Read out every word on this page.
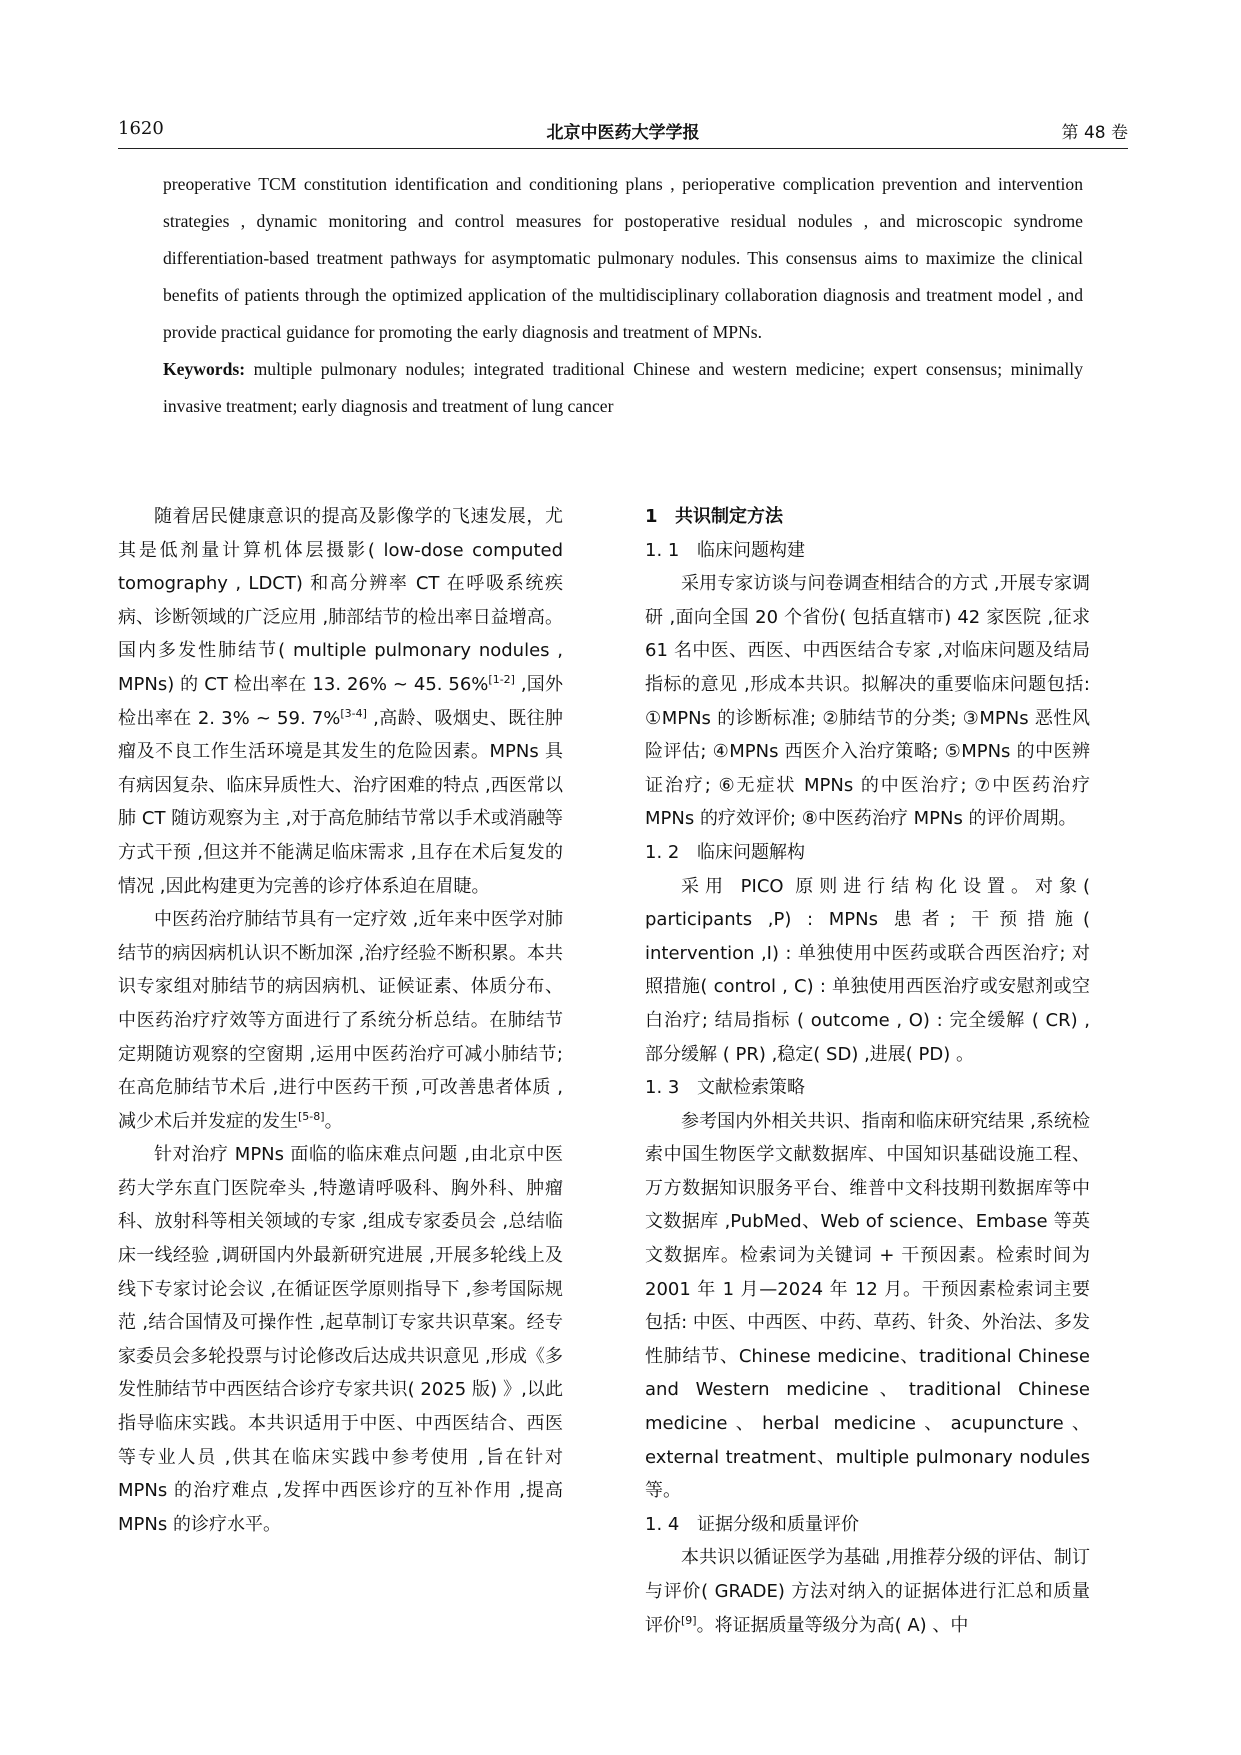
1620	北京中医药大学学报	第 48 卷

preoperative TCM constitution identification and conditioning plans , perioperative complication prevention and intervention strategies , dynamic monitoring and control measures for postoperative residual nodules , and microscopic syndrome differentiation-based treatment pathways for asymptomatic pulmonary nodules. This consensus aims to maximize the clinical benefits of patients through the optimized application of the multidisciplinary collaboration diagnosis and treatment model , and provide practical guidance for promoting the early diagnosis and treatment of MPNs.

Keywords: multiple pulmonary nodules; integrated traditional Chinese and western medicine; expert consensus; minimally invasive treatment; early diagnosis and treatment of lung cancer

随着居民健康意识的提高及影像学的飞速发展，尤其是低剂量计算机体层摄影( low-dose computed tomography , LDCT) 和高分辨率 CT 在呼吸系统疾病、诊断领域的广泛应用 ,肺部结节的检出率日益增高。国内多发性肺结节( multiple pulmonary nodules , MPNs) 的 CT 检出率在 13. 26% ~ 45. 56%[1-2] ,国外检出率在 2. 3% ~ 59. 7%[3-4] ,高龄、吸烟史、既往肿瘤及不良工作生活环境是其发生的危险因素。MPNs 具有病因复杂、临床异质性大、治疗困难的特点 ,西医常以肺 CT 随访观察为主 ,对于高危肺结节常以手术或消融等方式干预 ,但这并不能满足临床需求 ,且存在术后复发的情况 ,因此构建更为完善的诊疗体系迫在眉睫。

中医药治疗肺结节具有一定疗效 ,近年来中医学对肺结节的病因病机认识不断加深 ,治疗经验不断积累。本共识专家组对肺结节的病因病机、证候证素、体质分布、中医药治疗疗效等方面进行了系统分析总结。在肺结节定期随访观察的空窗期 ,运用中医药治疗可减小肺结节; 在高危肺结节术后 ,进行中医药干预 ,可改善患者体质 ,减少术后并发症的发生[5-8]。

针对治疗 MPNs 面临的临床难点问题 ,由北京中医药大学东直门医院牵头 ,特邀请呼吸科、胸外科、肿瘤科、放射科等相关领域的专家 ,组成专家委员会 ,总结临床一线经验 ,调研国内外最新研究进展 ,开展多轮线上及线下专家讨论会议 ,在循证医学原则指导下 ,参考国际规范 ,结合国情及可操作性 ,起草制订专家共识草案。经专家委员会多轮投票与讨论修改后达成共识意见 ,形成《多发性肺结节中西医结合诊疗专家共识( 2025 版) 》,以此指导临床实践。本共识适用于中医、中西医结合、西医等专业人员 ,供其在临床实践中参考使用 ,旨在针对 MPNs 的治疗难点 ,发挥中西医诊疗的互补作用 ,提高 MPNs 的诊疗水平。

1 共识制定方法
1. 1 临床问题构建

采用专家访谈与问卷调查相结合的方式 ,开展专家调研 ,面向全国 20 个省份( 包括直辖市) 42 家医院 ,征求 61 名中医、西医、中西医结合专家 ,对临床问题及结局指标的意见 ,形成本共识。拟解决的重要临床问题包括: ①MPNs 的诊断标准; ②肺结节的分类; ③MPNs 恶性风险评估; ④MPNs 西医介入治疗策略; ⑤MPNs 的中医辨证治疗; ⑥无症状 MPNs 的中医治疗; ⑦中医药治疗 MPNs 的疗效评价; ⑧中医药治疗 MPNs 的评价周期。

1. 2 临床问题解构

采用 PICO 原则进行结构化设置。对象( participants ,P) : MPNs 患者; 干预措施( intervention ,I) : 单独使用中医药或联合西医治疗; 对照措施( control , C) : 单独使用西医治疗或安慰剂或空白治疗; 结局指标 ( outcome , O) : 完全缓解 ( CR) , 部分缓解 ( PR) ,稳定( SD) ,进展( PD) 。

1. 3 文献检索策略

参考国内外相关共识、指南和临床研究结果 ,系统检索中国生物医学文献数据库、中国知识基础设施工程、万方数据知识服务平台、维普中文科技期刊数据库等中文数据库 ,PubMed、Web of science、Embase 等英文数据库。检索词为关键词 + 干预因素。检索时间为 2001 年 1 月—2024 年 12 月。干预因素检索词主要包括: 中医、中西医、中药、草药、针灸、外治法、多发性肺结节、Chinese medicine、traditional Chinese and Western medicine、traditional Chinese medicine、herbal medicine、acupuncture、external treatment、multiple pulmonary nodules 等。

1. 4 证据分级和质量评价

本共识以循证医学为基础 ,用推荐分级的评估、制订与评价( GRADE) 方法对纳入的证据体进行汇总和质量评价[9]。将证据质量等级分为高( A) 、中
